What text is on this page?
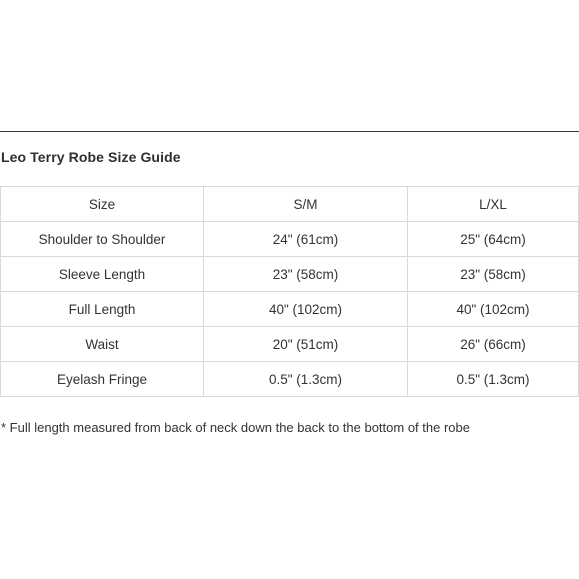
Leo Terry Robe Size Guide
Size	S/M	L/XL
Shoulder to Shoulder	24" (61cm)	25" (64cm)
Sleeve Length	23" (58cm)	23" (58cm)
Full Length	40" (102cm)	40" (102cm)
Waist	20" (51cm)	26" (66cm)
Eyelash Fringe	0.5" (1.3cm)	0.5" (1.3cm)
* Full length measured from back of neck down the back to the bottom of the robe
